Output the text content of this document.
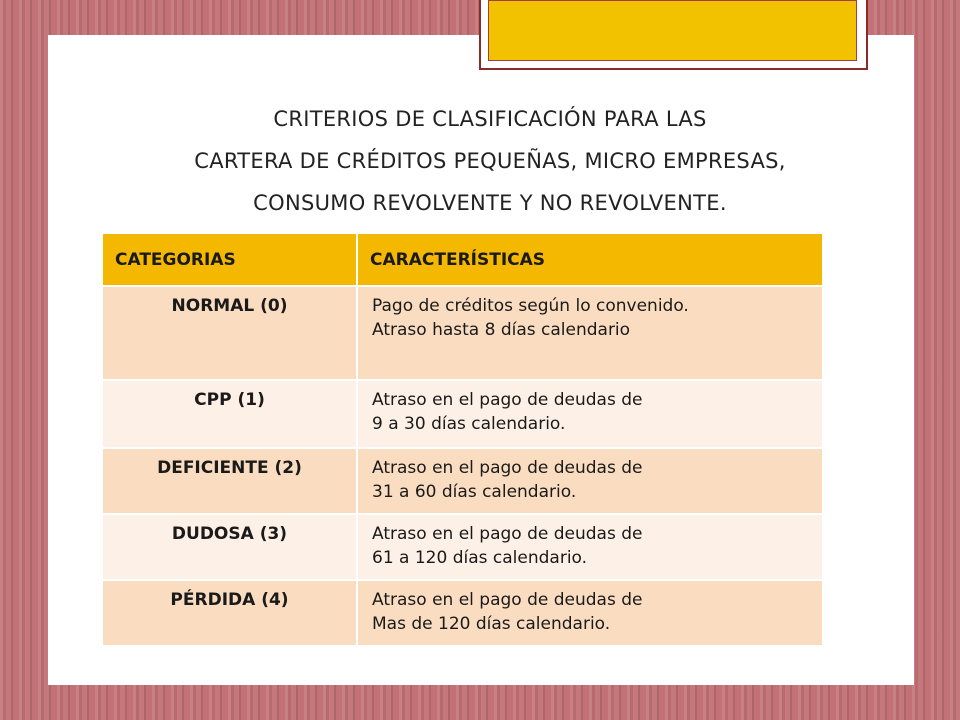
CRITERIOS DE CLASIFICACIÓN PARA LAS
CARTERA DE CRÉDITOS PEQUEÑAS, MICRO EMPRESAS,
CONSUMO REVOLVENTE Y NO REVOLVENTE.
CATEGORIAS	CARACTERÍSTICAS

NORMAL (0)	Pago de créditos según lo convenido.
Atraso hasta 8 días calendario

CPP (1)	Atraso en el pago de deudas de
9 a 30 días calendario.

DEFICIENTE (2)	Atraso en el pago de deudas de
31 a 60 días calendario.

DUDOSA (3)	Atraso en el pago de deudas de
61 a 120 días calendario.

PÉRDIDA (4)	Atraso en el pago de deudas de
Mas de 120 días calendario.
